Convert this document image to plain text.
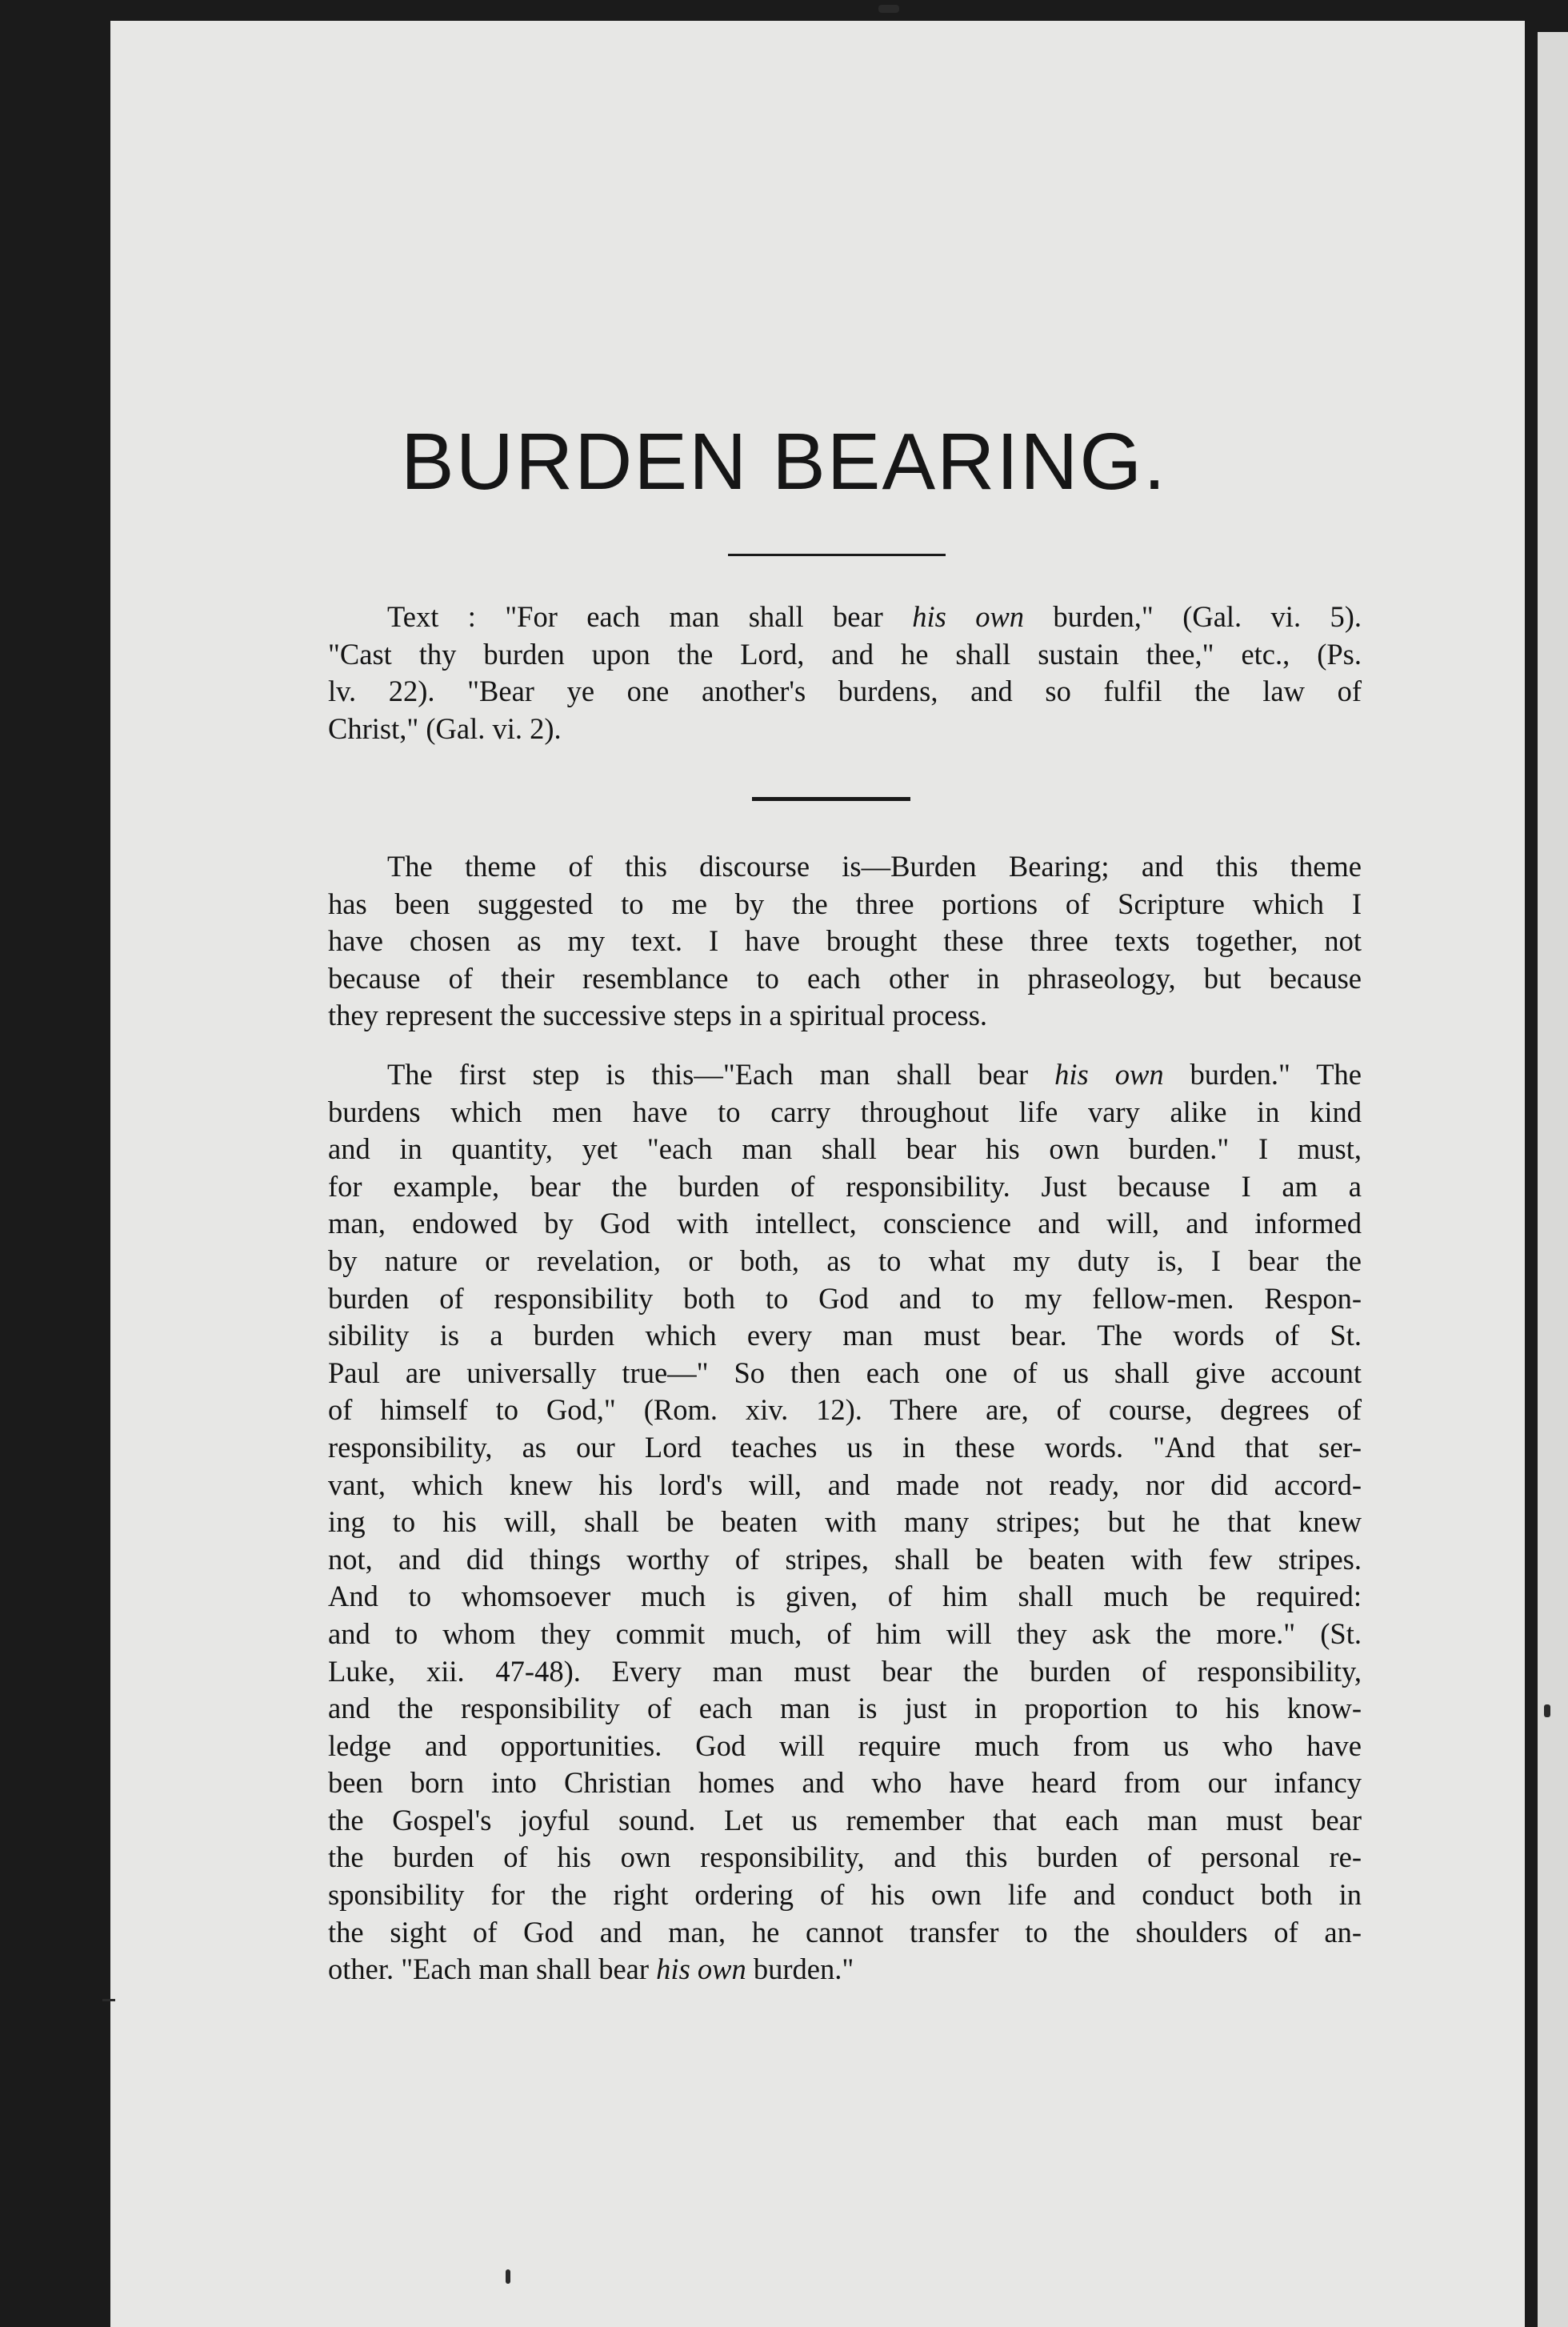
BURDEN BEARING.

Text : "For each man shall bear his own burden," (Gal. vi. 5).
"Cast thy burden upon the Lord, and he shall sustain thee," etc., (Ps.
lv. 22). "Bear ye one another's burdens, and so fulfil the law of
Christ," (Gal. vi. 2).

The theme of this discourse is—Burden Bearing; and this theme
has been suggested to me by the three portions of Scripture which I
have chosen as my text. I have brought these three texts together, not
because of their resemblance to each other in phraseology, but because
they represent the successive steps in a spiritual process.

The first step is this—"Each man shall bear his own burden." The
burdens which men have to carry throughout life vary alike in kind
and in quantity, yet "each man shall bear his own burden." I must,
for example, bear the burden of responsibility. Just because I am a
man, endowed by God with intellect, conscience and will, and informed
by nature or revelation, or both, as to what my duty is, I bear the
burden of responsibility both to God and to my fellow-men. Respon-
sibility is a burden which every man must bear. The words of St.
Paul are universally true—" So then each one of us shall give account
of himself to God," (Rom. xiv. 12). There are, of course, degrees of
responsibility, as our Lord teaches us in these words. "And that ser-
vant, which knew his lord's will, and made not ready, nor did accord-
ing to his will, shall be beaten with many stripes; but he that knew
not, and did things worthy of stripes, shall be beaten with few stripes.
And to whomsoever much is given, of him shall much be required:
and to whom they commit much, of him will they ask the more." (St.
Luke, xii. 47-48). Every man must bear the burden of responsibility,
and the responsibility of each man is just in proportion to his know-
ledge and opportunities. God will require much from us who have
been born into Christian homes and who have heard from our infancy
the Gospel's joyful sound. Let us remember that each man must bear
the burden of his own responsibility, and this burden of personal re-
sponsibility for the right ordering of his own life and conduct both in
the sight of God and man, he cannot transfer to the shoulders of an-
other. "Each man shall bear his own burden."
